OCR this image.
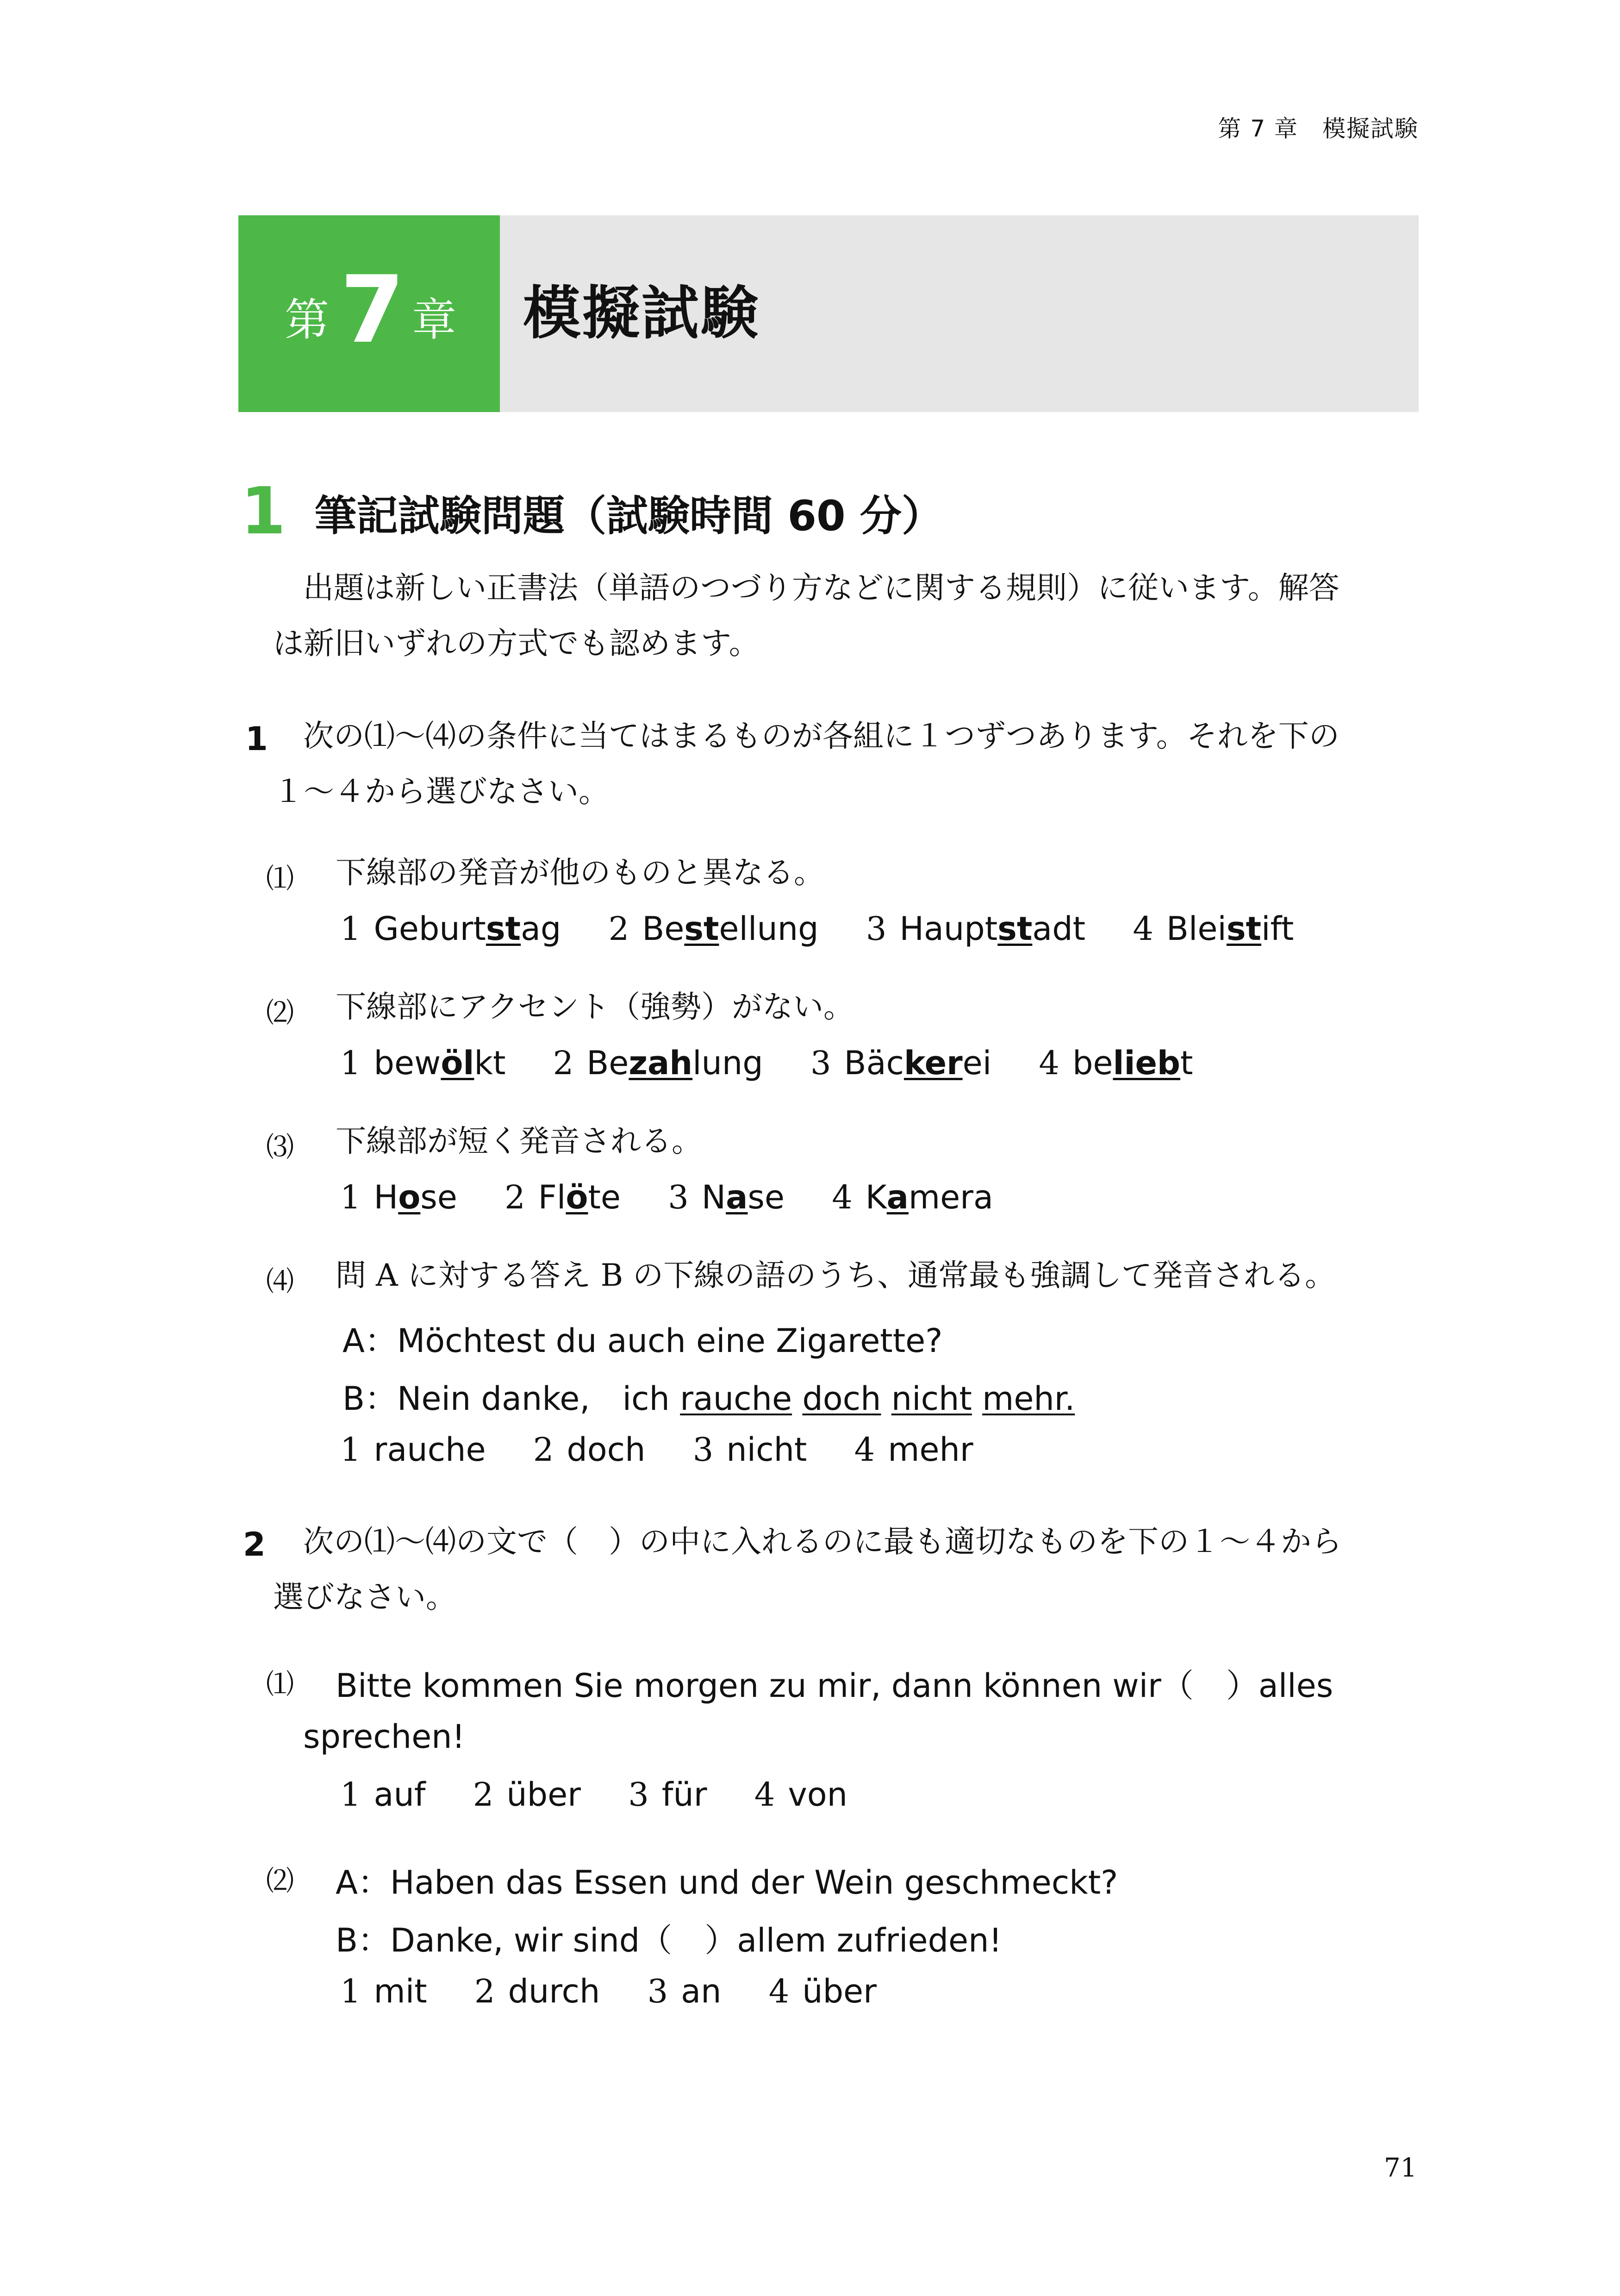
第 7 章　模擬試験
第 7 章	模擬試験
1 筆記試験問題（試験時間 60 分）
出題は新しい正書法（単語のつづり方などに関する規則）に従います。解答
は新旧いずれの方式でも認めます。
1 次の⑴〜⑷の条件に当てはまるものが各組に１つずつあります。それを下の
１〜４から選びなさい。
⑴ 下線部の発音が他のものと異なる。
1 Geburtstag 2 Bestellung 3 Hauptstadt 4 Bleistift
⑵ 下線部にアクセント（強勢）がない。
1 bewölkt 2 Bezahlung 3 Bäckerei 4 beliebt
⑶ 下線部が短く発音される。
1 Hose 2 Flöte 3 Nase 4 Kamera
⑷ 問 A に対する答え B の下線の語のうち、通常最も強調して発音される。
A：Möchtest du auch eine Zigarette?
B：Nein danke,　ich rauche doch nicht mehr.
1 rauche 2 doch 3 nicht 4 mehr
2 次の⑴〜⑷の文で（　）の中に入れるのに最も適切なものを下の１〜４から
選びなさい。
⑴ Bitte kommen Sie morgen zu mir, dann können wir（　）alles
sprechen!
1 auf 2 über 3 für 4 von
⑵ A：Haben das Essen und der Wein geschmeckt?
B：Danke, wir sind（　）allem zufrieden!
1 mit 2 durch 3 an 4 über
71
